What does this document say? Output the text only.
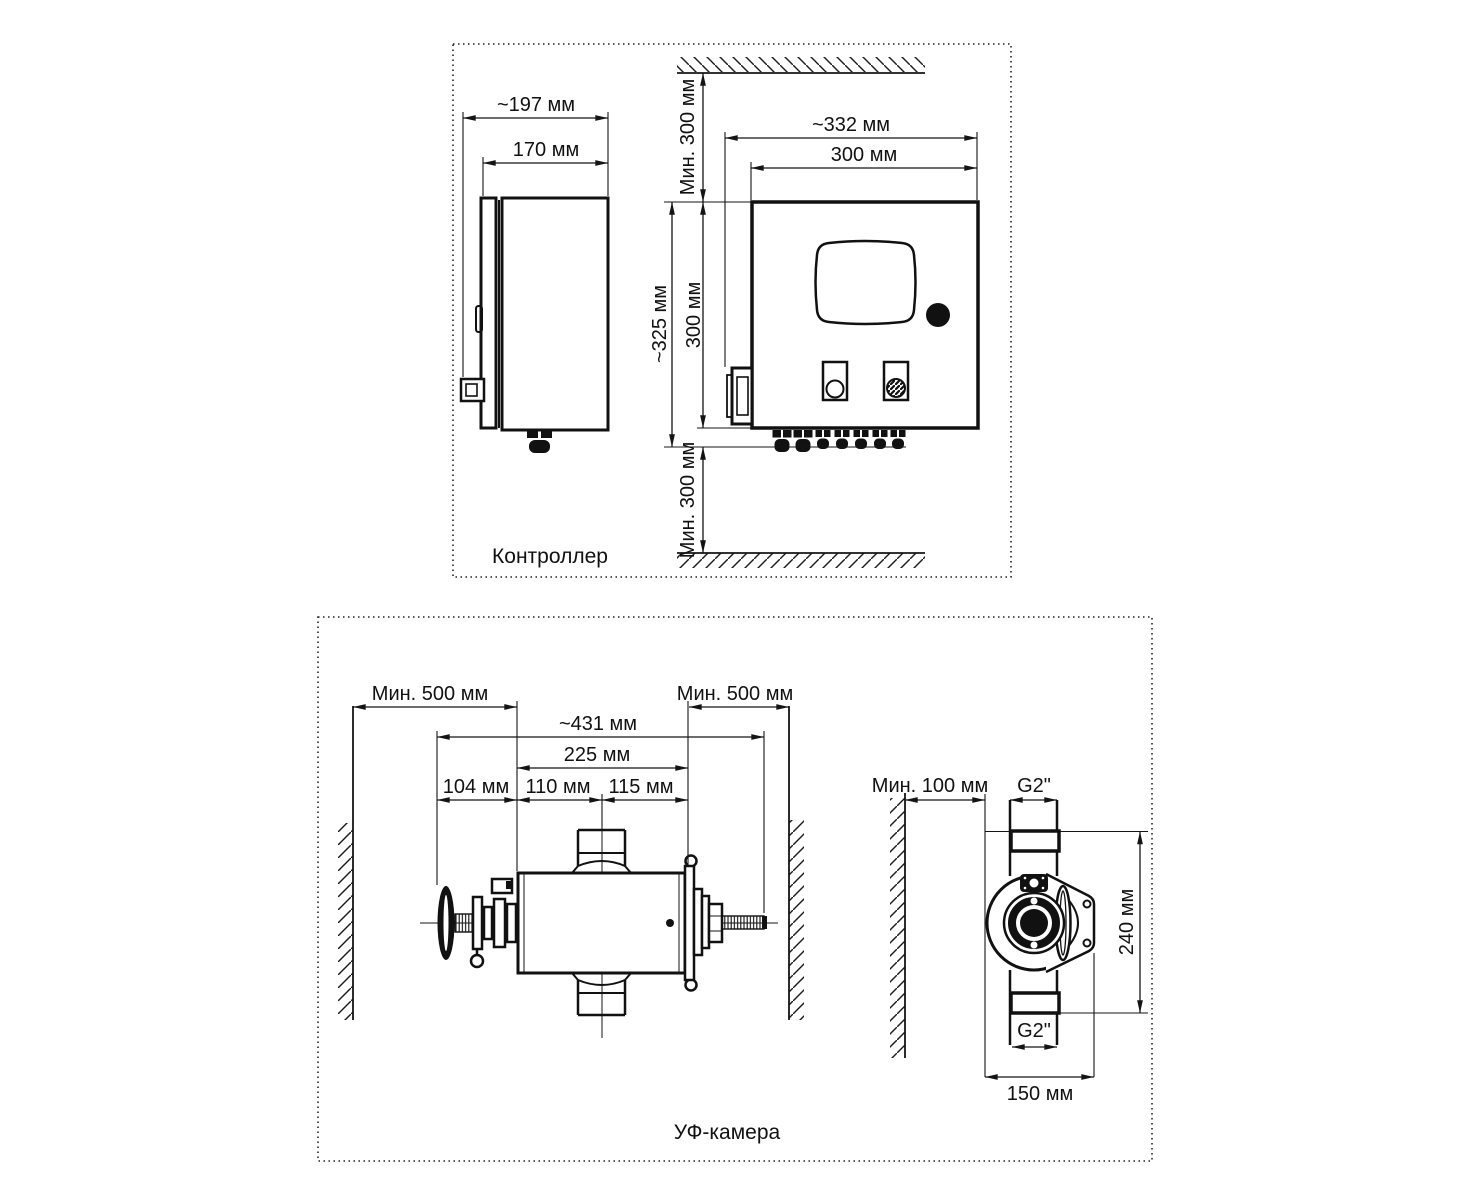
~197 мм
170 мм	Мин. 300 мм	~332 мм
300 мм
~325 мм 300 мм
Мин. 300 мм
Контроллер
Мин. 500 мм	Мин. 500 мм
~431 мм
225 мм
104 мм 110 мм 115 мм	Мин. 100 мм G2"
240 мм
G2"
150 мм
УФ-камера
